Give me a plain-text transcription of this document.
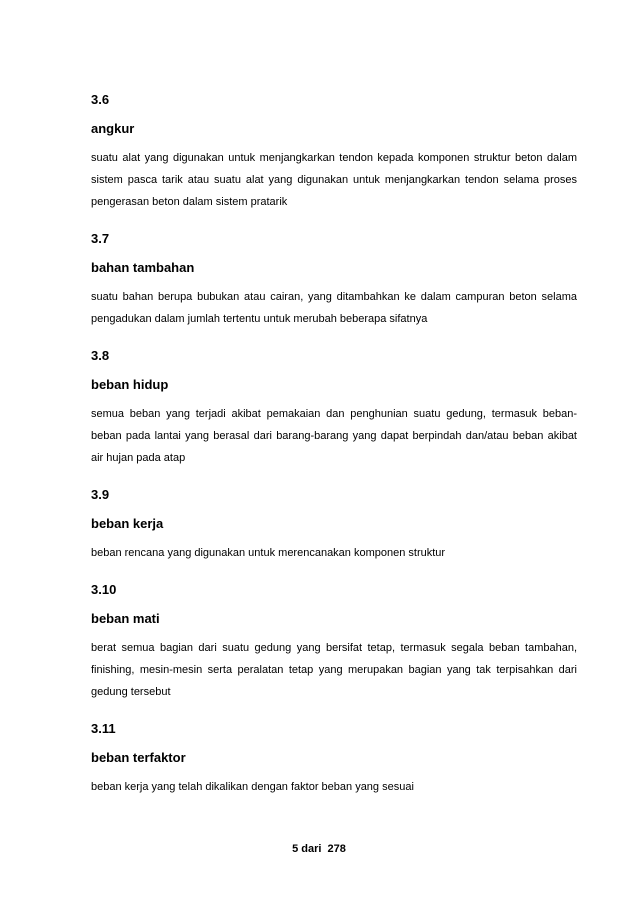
3.6
angkur

suatu alat yang digunakan untuk menjangkarkan tendon kepada komponen struktur beton dalam sistem pasca tarik atau suatu alat yang digunakan untuk menjangkarkan tendon selama proses pengerasan beton dalam sistem pratarik

3.7
bahan tambahan

suatu bahan berupa bubukan atau cairan, yang ditambahkan ke dalam campuran beton selama pengadukan dalam jumlah tertentu untuk merubah beberapa sifatnya

3.8
beban hidup

semua beban yang terjadi akibat pemakaian dan penghunian suatu gedung, termasuk beban-beban pada lantai yang berasal dari barang-barang yang dapat berpindah dan/atau beban akibat air hujan pada atap

3.9
beban kerja

beban rencana yang digunakan untuk merencanakan komponen struktur

3.10
beban mati

berat semua bagian dari suatu gedung yang bersifat tetap, termasuk segala beban tambahan, finishing, mesin-mesin serta peralatan tetap yang merupakan bagian yang tak terpisahkan dari gedung tersebut

3.11
beban terfaktor

beban kerja yang telah dikalikan dengan faktor beban yang sesuai

5 dari  278
